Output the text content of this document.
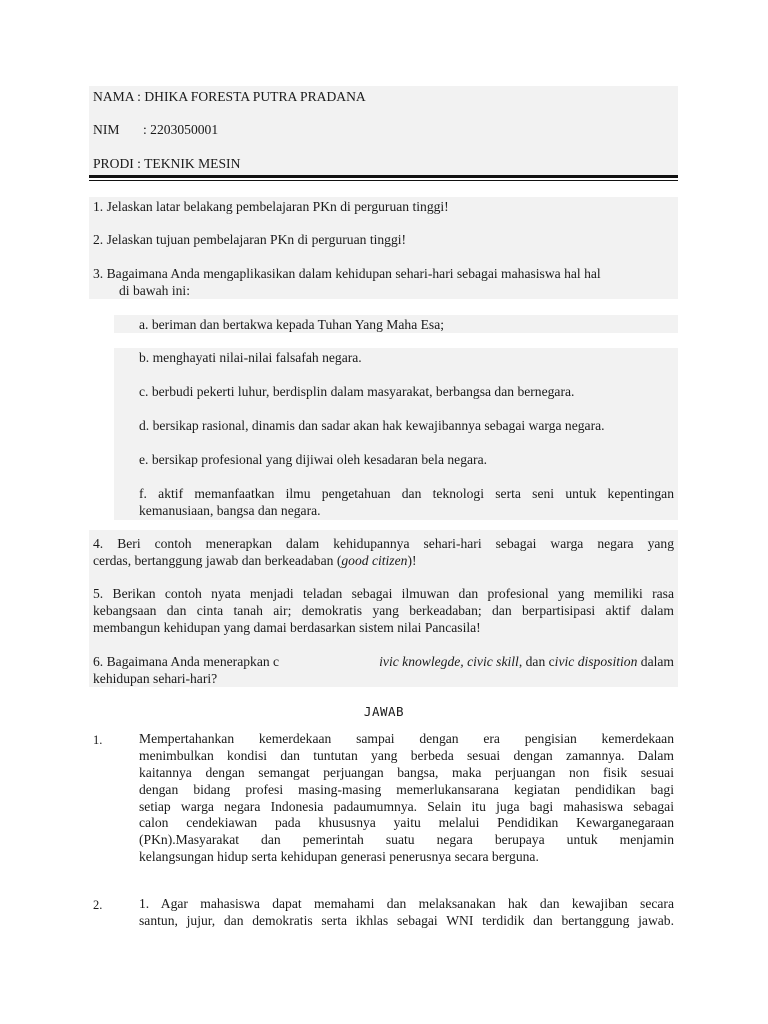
NAMA : DHIKA FORESTA PUTRA PRADANA
NIM : 2203050001
PRODI : TEKNIK MESIN
1. Jelaskan latar belakang pembelajaran PKn di perguruan tinggi!
2. Jelaskan tujuan pembelajaran PKn di perguruan tinggi!
3. Bagaimana Anda mengaplikasikan dalam kehidupan sehari-hari sebagai mahasiswa hal hal
di bawah ini:
a. beriman dan bertakwa kepada Tuhan Yang Maha Esa;
b. menghayati nilai-nilai falsafah negara.
c. berbudi pekerti luhur, berdisplin dalam masyarakat, berbangsa dan bernegara.
d. bersikap rasional, dinamis dan sadar akan hak kewajibannya sebagai warga negara.
e. bersikap profesional yang dijiwai oleh kesadaran bela negara.
f. aktif memanfaatkan ilmu pengetahuan dan teknologi serta seni untuk kepentingan
kemanusiaan, bangsa dan negara.
4. Beri contoh menerapkan dalam kehidupannya sehari-hari sebagai warga negara yang
cerdas, bertanggung jawab dan berkeadaban (good citizen)!
5. Berikan contoh nyata menjadi teladan sebagai ilmuwan dan profesional yang memiliki rasa
kebangsaan dan cinta tanah air; demokratis yang berkeadaban; dan berpartisipasi aktif dalam
membangun kehidupan yang damai berdasarkan sistem nilai Pancasila!
6. Bagaimana Anda menerapkan c	ivic knowlegde, civic skill, dan civic disposition dalam
kehidupan sehari-hari?
JAWAB
1.	Mempertahankan kemerdekaan sampai dengan era pengisian kemerdekaan
menimbulkan kondisi dan tuntutan yang berbeda sesuai dengan zamannya. Dalam
kaitannya dengan semangat perjuangan bangsa, maka perjuangan non fisik sesuai
dengan bidang profesi masing-masing memerlukansarana kegiatan pendidikan bagi
setiap warga negara Indonesia padaumumnya. Selain itu juga bagi mahasiswa sebagai
calon cendekiawan pada khususnya yaitu melalui Pendidikan Kewarganegaraan
(PKn).Masyarakat dan pemerintah suatu negara berupaya untuk menjamin
kelangsungan hidup serta kehidupan generasi penerusnya secara berguna.
2.	1. Agar mahasiswa dapat memahami dan melaksanakan hak dan kewajiban secara
santun, jujur, dan demokratis serta ikhlas sebagai WNI terdidik dan bertanggung jawab.
